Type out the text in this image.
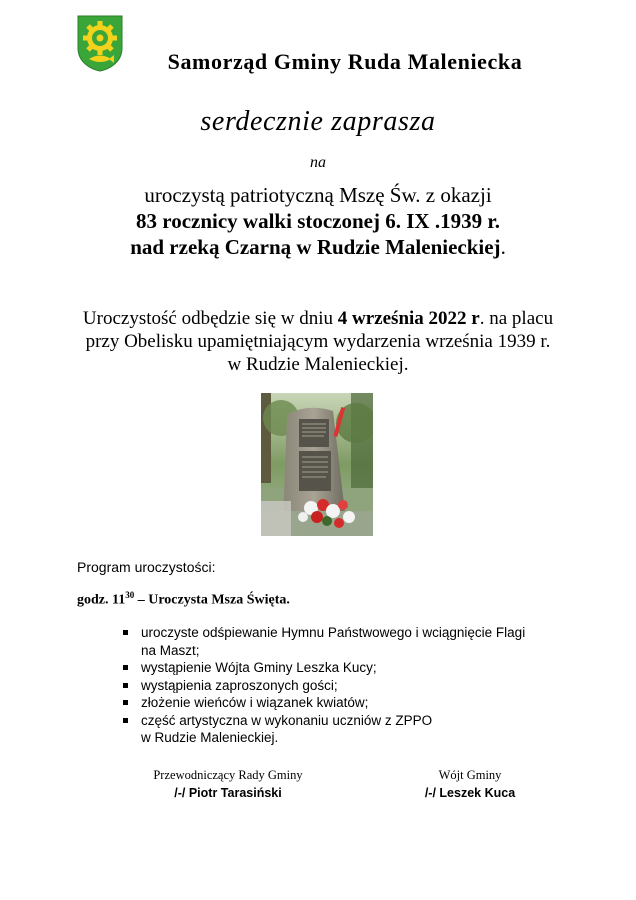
Samorząd Gminy Ruda Maleniecka
serdecznie zaprasza
na
uroczystą patriotyczną Mszę Św. z okazji
83 rocznicy walki stoczonej 6. IX .1939 r.
nad rzeką Czarną w Rudzie Malenieckiej.
Uroczystość odbędzie się w dniu 4 września 2022 r. na placu
przy Obelisku upamiętniającym wydarzenia września 1939 r.
w Rudzie Malenieckiej.
Program uroczystości:
godz. $11^{30}$ – Uroczysta Msza Święta.
uroczyste odśpiewanie Hymnu Państwowego i wciągnięcie Flagi
na Maszt;
wystąpienie Wójta Gminy Leszka Kucy;
wystąpienia zaproszonych gości;
złożenie wieńców i wiązanek kwiatów;
część artystyczna w wykonaniu uczniów z ZPPO
w Rudzie Malenieckiej.
Przewodniczący Rady Gminy
/-/ Piotr Tarasiński
Wójt Gminy
/-/ Leszek Kuca
